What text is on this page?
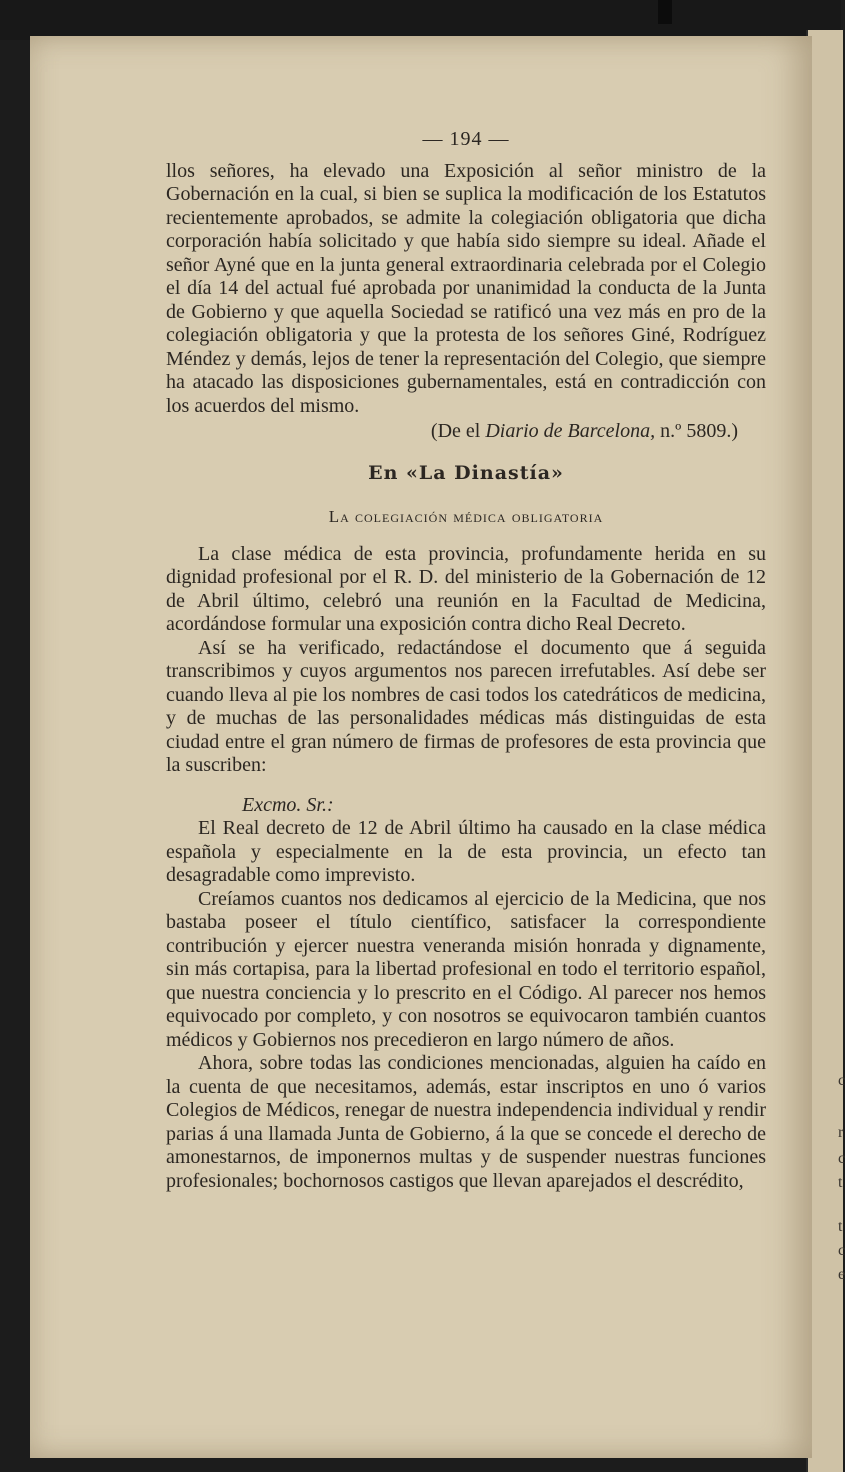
c
r
c
t
t
c
e
— 194 —

llos señores, ha elevado una Exposición al señor ministro de la Gobernación en la cual, si bien se suplica la modificación de los Estatutos recientemente aprobados, se admite la colegiación obligatoria que dicha corporación había solicitado y que había sido siempre su ideal. Añade el señor Ayné que en la junta general extraordinaria celebrada por el Colegio el día 14 del actual fué aprobada por unanimidad la conducta de la Junta de Gobierno y que aquella Sociedad se ratificó una vez más en pro de la colegiación obligatoria y que la protesta de los señores Giné, Rodríguez Méndez y demás, lejos de tener la representación del Colegio, que siempre ha atacado las disposiciones gubernamentales, está en contradicción con los acuerdos del mismo.

(De el Diario de Barcelona, n.º 5809.)

En «La Dinastía»
La colegiación médica obligatoria

La clase médica de esta provincia, profundamente herida en su dignidad profesional por el R. D. del ministerio de la Gobernación de 12 de Abril último, celebró una reunión en la Facultad de Medicina, acordándose formular una exposición contra dicho Real Decreto.

Así se ha verificado, redactándose el documento que á seguida transcribimos y cuyos argumentos nos parecen irrefutables. Así debe ser cuando lleva al pie los nombres de casi todos los catedráticos de medicina, y de muchas de las personalidades médicas más distinguidas de esta ciudad entre el gran número de firmas de profesores de esta provincia que la suscriben:

Excmo. Sr.:

El Real decreto de 12 de Abril último ha causado en la clase médica española y especialmente en la de esta provincia, un efecto tan desagradable como imprevisto.

Creíamos cuantos nos dedicamos al ejercicio de la Medicina, que nos bastaba poseer el título científico, satisfacer la correspondiente contribución y ejercer nuestra veneranda misión honrada y dignamente, sin más cortapisa, para la libertad profesional en todo el territorio español, que nuestra conciencia y lo prescrito en el Código. Al parecer nos hemos equivocado por completo, y con nosotros se equivocaron también cuantos médicos y Gobiernos nos precedieron en largo número de años.

Ahora, sobre todas las condiciones mencionadas, alguien ha caído en la cuenta de que necesitamos, además, estar inscriptos en uno ó varios Colegios de Médicos, renegar de nuestra independencia individual y rendir parias á una llamada Junta de Gobierno, á la que se concede el derecho de amonestarnos, de imponernos multas y de suspender nuestras funciones profesionales; bochornosos castigos que llevan aparejados el descrédito,
